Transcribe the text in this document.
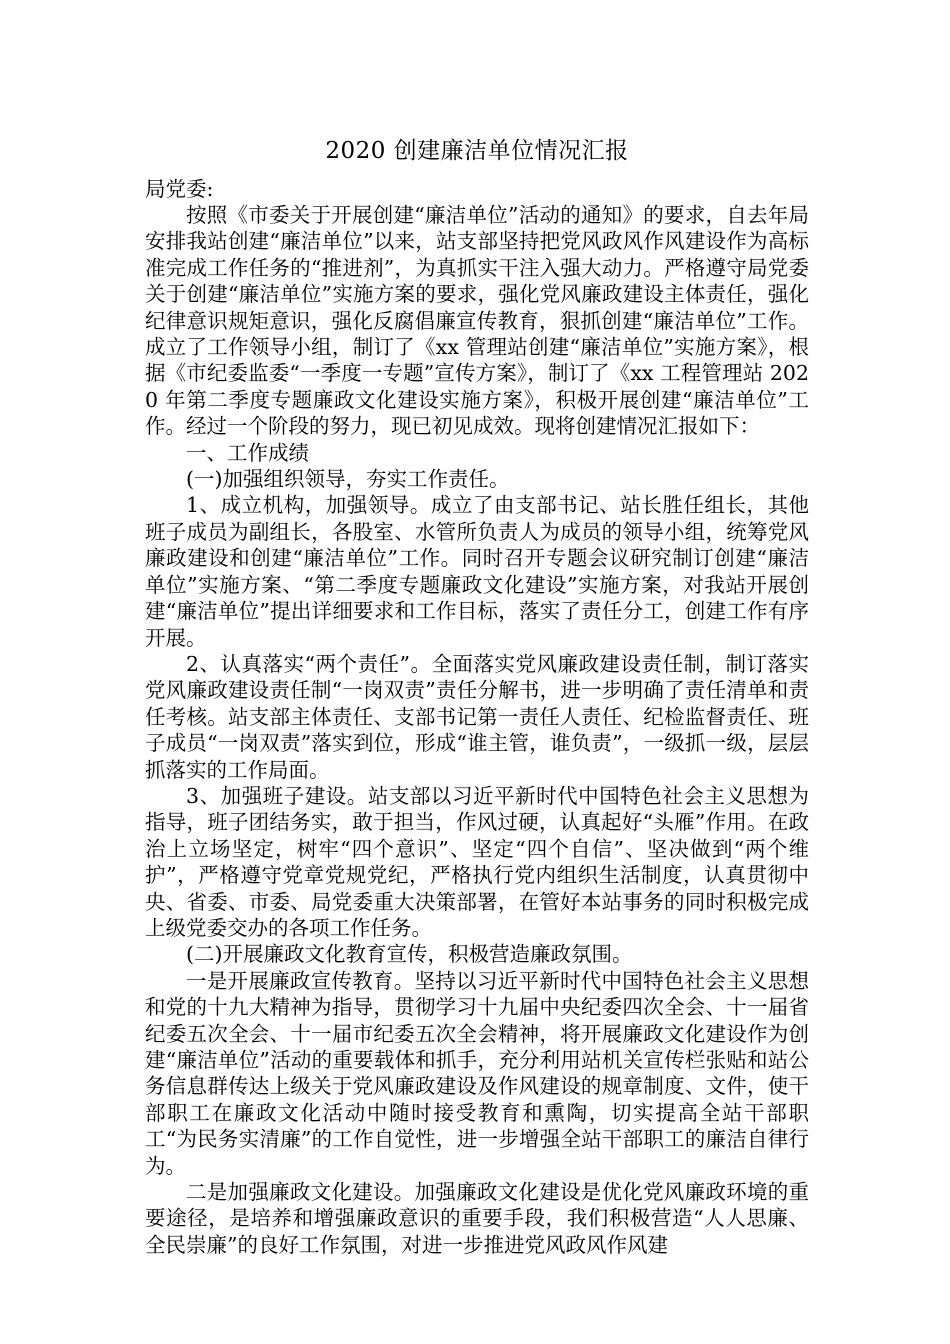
2020 创建廉洁单位情况汇报

局党委:

按照《市委关于开展创建“廉洁单位”活动的通知》的要求，自去年局安排我站创建“廉洁单位”以来，站支部坚持把党风政风作风建设作为高标准完成工作任务的“推进剂”，为真抓实干注入强大动力。严格遵守局党委关于创建“廉洁单位”实施方案的要求，强化党风廉政建设主体责任，强化纪律意识规矩意识，强化反腐倡廉宣传教育，狠抓创建“廉洁单位”工作。成立了工作领导小组，制订了《xx 管理站创建“廉洁单位”实施方案》，根据《市纪委监委“一季度一专题”宣传方案》，制订了《xx 工程管理站 2020 年第二季度专题廉政文化建设实施方案》，积极开展创建“廉洁单位”工作。经过一个阶段的努力，现已初见成效。现将创建情况汇报如下：

一、工作成绩

(一)加强组织领导，夯实工作责任。

1、成立机构，加强领导。成立了由支部书记、站长胜任组长，其他班子成员为副组长，各股室、水管所负责人为成员的领导小组，统筹党风廉政建设和创建“廉洁单位”工作。同时召开专题会议研究制订创建“廉洁单位”实施方案、“第二季度专题廉政文化建设”实施方案，对我站开展创建“廉洁单位”提出详细要求和工作目标，落实了责任分工，创建工作有序开展。

2、认真落实“两个责任”。全面落实党风廉政建设责任制，制订落实党风廉政建设责任制“一岗双责”责任分解书，进一步明确了责任清单和责任考核。站支部主体责任、支部书记第一责任人责任、纪检监督责任、班子成员“一岗双责”落实到位，形成“谁主管，谁负责”，一级抓一级，层层抓落实的工作局面。

3、加强班子建设。站支部以习近平新时代中国特色社会主义思想为指导，班子团结务实，敢于担当，作风过硬，认真起好“头雁”作用。在政治上立场坚定，树牢“四个意识”、坚定“四个自信”、坚决做到“两个维护”，严格遵守党章党规党纪，严格执行党内组织生活制度，认真贯彻中央、省委、市委、局党委重大决策部署，在管好本站事务的同时积极完成上级党委交办的各项工作任务。

(二)开展廉政文化教育宣传，积极营造廉政氛围。

一是开展廉政宣传教育。坚持以习近平新时代中国特色社会主义思想和党的十九大精神为指导，贯彻学习十九届中央纪委四次全会、十一届省纪委五次全会、十一届市纪委五次全会精神，将开展廉政文化建设作为创建“廉洁单位”活动的重要载体和抓手，充分利用站机关宣传栏张贴和站公务信息群传达上级关于党风廉政建设及作风建设的规章制度、文件，使干部职工在廉政文化活动中随时接受教育和熏陶，切实提高全站干部职工“为民务实清廉”的工作自觉性，进一步增强全站干部职工的廉洁自律行为。

二是加强廉政文化建设。加强廉政文化建设是优化党风廉政环境的重要途径，是培养和增强廉政意识的重要手段，我们积极营造“人人思廉、全民崇廉”的良好工作氛围，对进一步推进党风政风作风建
